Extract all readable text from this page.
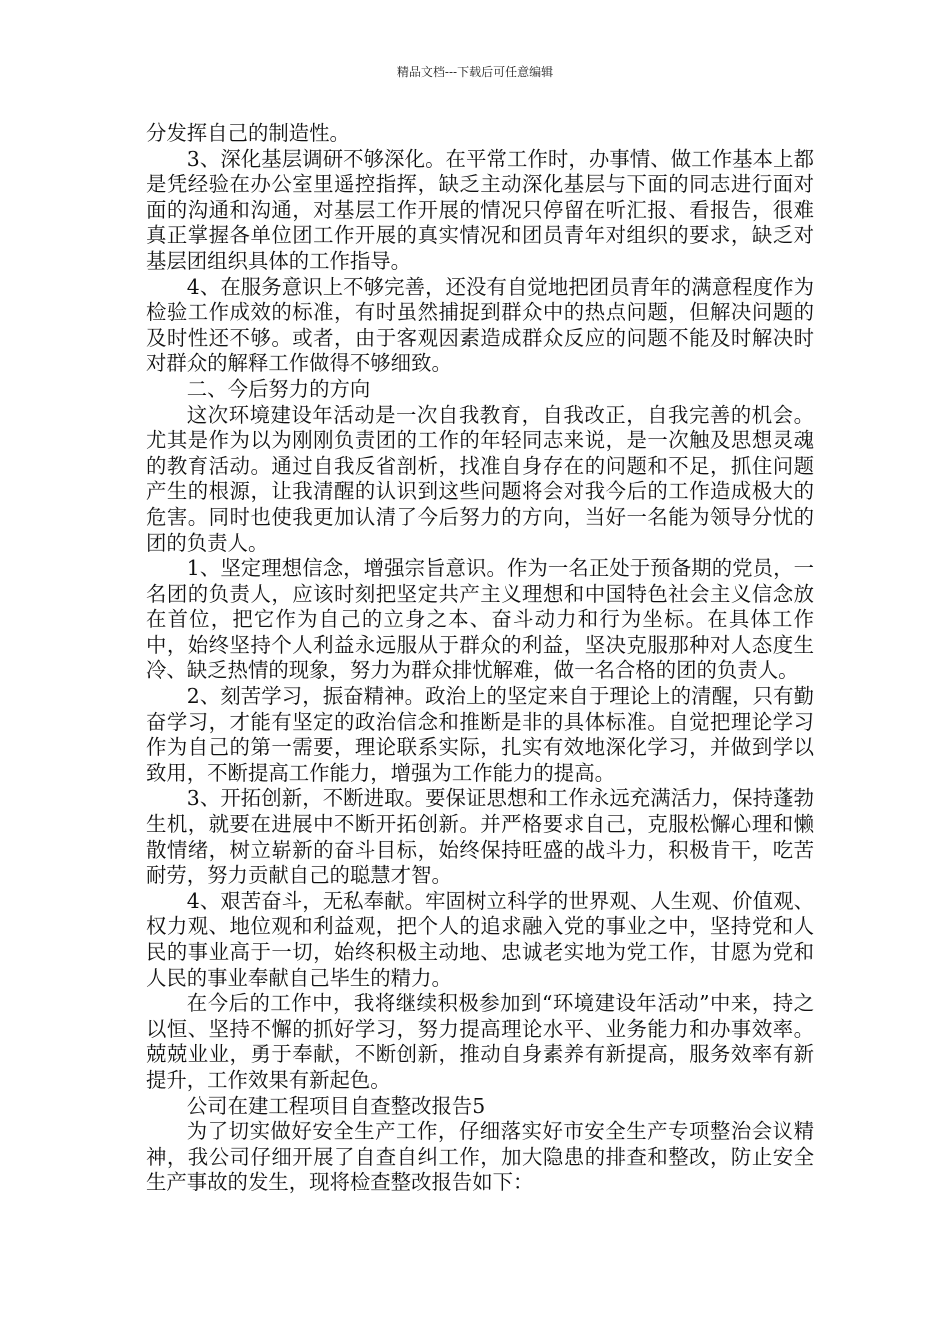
精品文档---下载后可任意编辑

分发挥自己的制造性。

3、深化基层调研不够深化。在平常工作时，办事情、做工作基本上都是凭经验在办公室里遥控指挥，缺乏主动深化基层与下面的同志进行面对面的沟通和沟通，对基层工作开展的情况只停留在听汇报、看报告，很难真正掌握各单位团工作开展的真实情况和团员青年对组织的要求，缺乏对基层团组织具体的工作指导。

4、在服务意识上不够完善，还没有自觉地把团员青年的满意程度作为检验工作成效的标准，有时虽然捕捉到群众中的热点问题，但解决问题的及时性还不够。或者，由于客观因素造成群众反应的问题不能及时解决时对群众的解释工作做得不够细致。

二、今后努力的方向

这次环境建设年活动是一次自我教育，自我改正，自我完善的机会。尤其是作为以为刚刚负责团的工作的年轻同志来说，是一次触及思想灵魂的教育活动。通过自我反省剖析，找准自身存在的问题和不足，抓住问题产生的根源，让我清醒的认识到这些问题将会对我今后的工作造成极大的危害。同时也使我更加认清了今后努力的方向，当好一名能为领导分忧的团的负责人。

1、坚定理想信念，增强宗旨意识。作为一名正处于预备期的党员，一名团的负责人，应该时刻把坚定共产主义理想和中国特色社会主义信念放在首位，把它作为自己的立身之本、奋斗动力和行为坐标。在具体工作中，始终坚持个人利益永远服从于群众的利益，坚决克服那种对人态度生冷、缺乏热情的现象，努力为群众排忧解难，做一名合格的团的负责人。

2、刻苦学习，振奋精神。政治上的坚定来自于理论上的清醒，只有勤奋学习，才能有坚定的政治信念和推断是非的具体标准。自觉把理论学习作为自己的第一需要，理论联系实际，扎实有效地深化学习，并做到学以致用，不断提高工作能力，增强为工作能力的提高。

3、开拓创新，不断进取。要保证思想和工作永远充满活力，保持蓬勃生机，就要在进展中不断开拓创新。并严格要求自己，克服松懈心理和懒散情绪，树立崭新的奋斗目标，始终保持旺盛的战斗力，积极肯干，吃苦耐劳，努力贡献自己的聪慧才智。

4、艰苦奋斗，无私奉献。牢固树立科学的世界观、人生观、价值观、权力观、地位观和利益观，把个人的追求融入党的事业之中，坚持党和人民的事业高于一切，始终积极主动地、忠诚老实地为党工作，甘愿为党和人民的事业奉献自己毕生的精力。

在今后的工作中，我将继续积极参加到“环境建设年活动”中来，持之以恒、坚持不懈的抓好学习，努力提高理论水平、业务能力和办事效率。兢兢业业，勇于奉献，不断创新，推动自身素养有新提高，服务效率有新提升，工作效果有新起色。

公司在建工程项目自查整改报告5

为了切实做好安全生产工作，仔细落实好市安全生产专项整治会议精神，我公司仔细开展了自查自纠工作，加大隐患的排查和整改，防止安全生产事故的发生，现将检查整改报告如下：
